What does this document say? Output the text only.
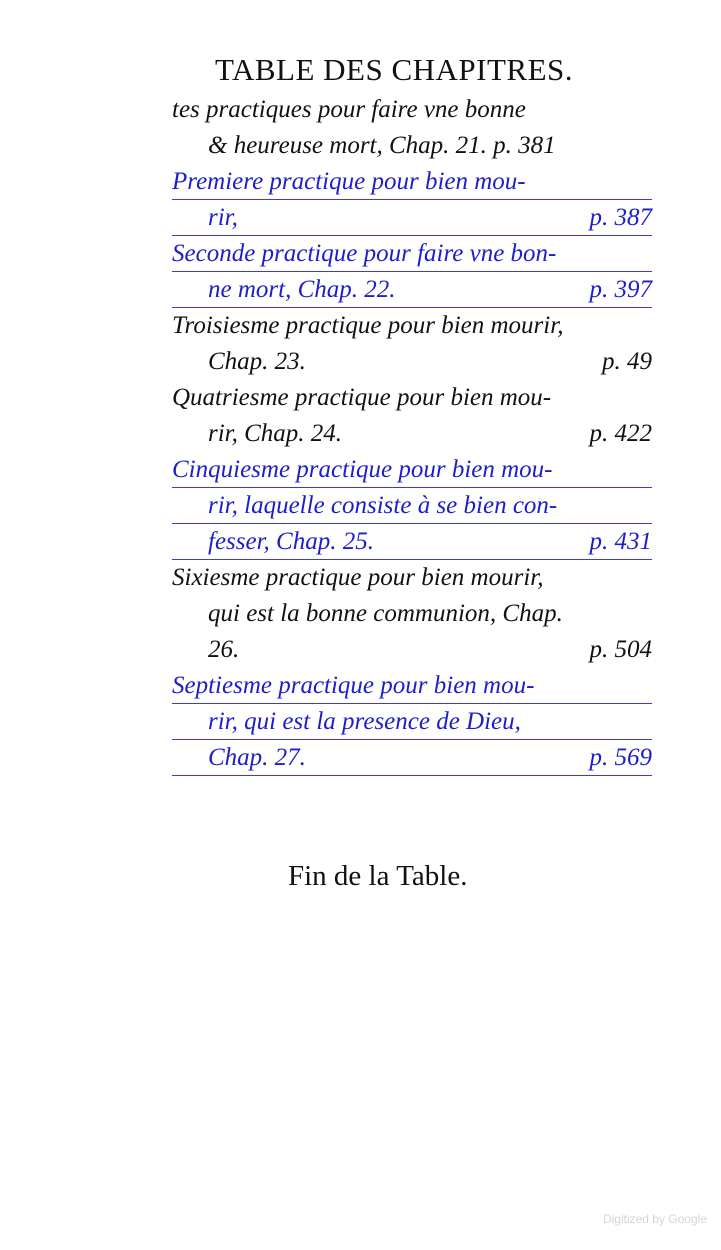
TABLE DES CHAPITRES.
tes practiques pour faire vne bonne
& heureuse mort, Chap. 21. p. 381
Premiere practique pour bien mou-
rir,	p. 387
Seconde practique pour faire vne bon-
ne mort, Chap. 22.	p. 397
Troisiesme practique pour bien mourir,
Chap. 23.	p. 49
Quatriesme practique pour bien mou-
rir, Chap. 24.	p. 422
Cinquiesme practique pour bien mou-
rir, laquelle consiste à se bien con-
fesser, Chap. 25.	p. 431
Sixiesme practique pour bien mourir,
qui est la bonne communion, Chap.
26.	p. 504
Septiesme practique pour bien mou-
rir, qui est la presence de Dieu,
Chap. 27.	p. 569
Fin de la Table.
Digitized by Google
